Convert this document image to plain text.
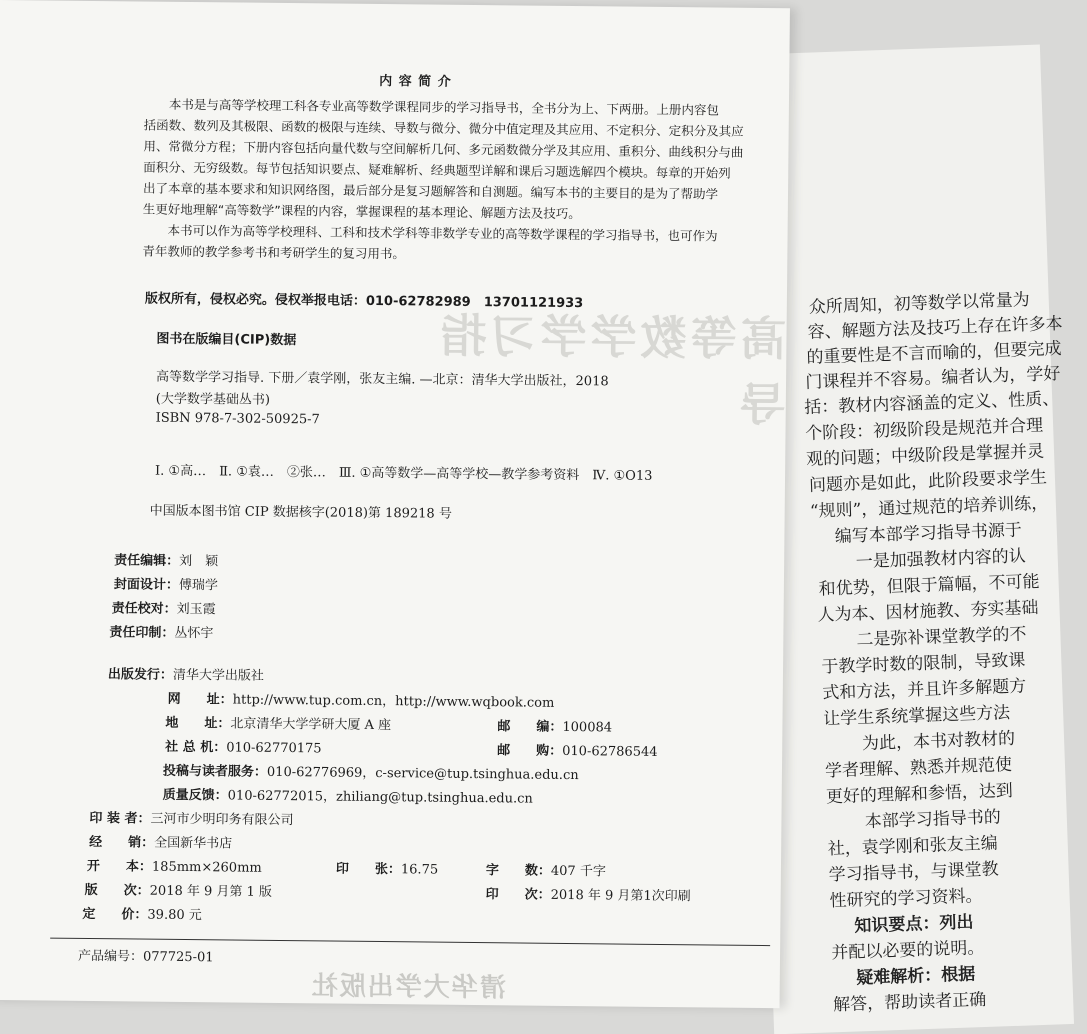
众所周知，初等数学以常量为
容、解题方法及技巧上存在许多本
的重要性是不言而喻的，但要完成
门课程并不容易。编者认为，学好
括：教材内容涵盖的定义、性质、
个阶段：初级阶段是规范并合理
观的问题；中级阶段是掌握并灵
问题亦是如此，此阶段要求学生
“规则”，通过规范的培养训练，
编写本部学习指导书源于
一是加强教材内容的认
和优势，但限于篇幅，不可能
人为本、因材施教、夯实基础
二是弥补课堂教学的不
于教学时数的限制，导致课
式和方法，并且许多解题方
让学生系统掌握这些方法
为此，本书对教材的
学者理解、熟悉并规范使
更好的理解和参悟，达到
本部学习指导书的
社，袁学刚和张友主编
学习指导书，与课堂教
性研究的学习资料。
知识要点：列出
并配以必要的说明。
疑难解析：根据
解答，帮助读者正确
高等数学学习指导
内 容 简 介
本书是与高等学校理工科各专业高等数学课程同步的学习指导书，全书分为上、下两册。上册内容包
括函数、数列及其极限、函数的极限与连续、导数与微分、微分中值定理及其应用、不定积分、定积分及其应
用、常微分方程；下册内容包括向量代数与空间解析几何、多元函数微分学及其应用、重积分、曲线积分与曲
面积分、无穷级数。每节包括知识要点、疑难解析、经典题型详解和课后习题选解四个模块。每章的开始列
出了本章的基本要求和知识网络图，最后部分是复习题解答和自测题。编写本书的主要目的是为了帮助学
生更好地理解“高等数学”课程的内容，掌握课程的基本理论、解题方法及技巧。
本书可以作为高等学校理科、工科和技术学科等非数学专业的高等数学课程的学习指导书，也可作为
青年教师的教学参考书和考研学生的复习用书。
版权所有，侵权必究。侵权举报电话：010-62782989　13701121933
图书在版编目(CIP)数据
高等数学学习指导. 下册／袁学刚，张友主编. —北京：清华大学出版社，2018
(大学数学基础丛书)
ISBN 978-7-302-50925-7
Ⅰ. ①高…　Ⅱ. ①袁…　②张…　Ⅲ. ①高等数学—高等学校—教学参考资料　Ⅳ. ①O13
中国版本图书馆 CIP 数据核字(2018)第 189218 号
责任编辑：刘　颖
封面设计：傅瑞学
责任校对：刘玉霞
责任印制：丛怀宇
出版发行：清华大学出版社
网　　址：http://www.tup.com.cn，http://www.wqbook.com
地　　址：北京清华大学学研大厦 A 座	邮　　编：100084
社 总 机：010-62770175	邮　　购：010-62786544
投稿与读者服务：010-62776969，c-service@tup.tsinghua.edu.cn
质量反馈：010-62772015，zhiliang@tup.tsinghua.edu.cn
印 装 者：三河市少明印务有限公司
经　　销：全国新华书店
开　　本：185mm×260mm	印　　张：16.75	字　　数：407 千字
版　　次：2018 年 9 月第 1 版	印　　次：2018 年 9 月第1次印刷
定　　价：39.80 元
产品编号：077725-01
清华大学出版社
